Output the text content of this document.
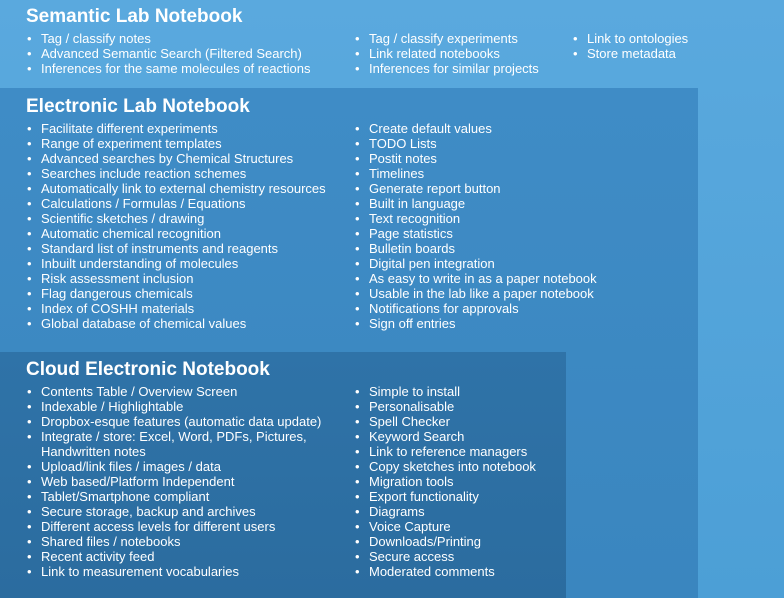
Semantic Lab Notebook
• Tag / classify notes
• Advanced Semantic Search (Filtered Search)
• Inferences for the same molecules of reactions
• Tag / classify experiments
• Link related notebooks
• Inferences for similar projects
• Link to ontologies
• Store metadata
Electronic Lab Notebook
• Facilitate different experiments
• Range of experiment templates
• Advanced searches by Chemical Structures
• Searches include reaction schemes
• Automatically link to external chemistry resources
• Calculations / Formulas / Equations
• Scientific sketches / drawing
• Automatic chemical recognition
• Standard list of instruments and reagents
• Inbuilt understanding of molecules
• Risk assessment inclusion
• Flag dangerous chemicals
• Index of COSHH materials
• Global database of chemical values
• Create default values
• TODO Lists
• Postit notes
• Timelines
• Generate report button
• Built in language
• Text recognition
• Page statistics
• Bulletin boards
• Digital pen integration
• As easy to write in as a paper notebook
• Usable in the lab like a paper notebook
• Notifications for approvals
• Sign off entries
Cloud Electronic Notebook
• Contents Table / Overview Screen
• Indexable / Highlightable
• Dropbox-esque features (automatic data update)
• Integrate / store: Excel, Word, PDFs, Pictures, Handwritten notes
• Upload/link files / images / data
• Web based/Platform Independent
• Tablet/Smartphone compliant
• Secure storage, backup and archives
• Different access levels for different users
• Shared files / notebooks
• Recent activity feed
• Link to measurement vocabularies
• Simple to install
• Personalisable
• Spell Checker
• Keyword Search
• Link to reference managers
• Copy sketches into notebook
• Migration tools
• Export functionality
• Diagrams
• Voice Capture
• Downloads/Printing
• Secure access
• Moderated comments
